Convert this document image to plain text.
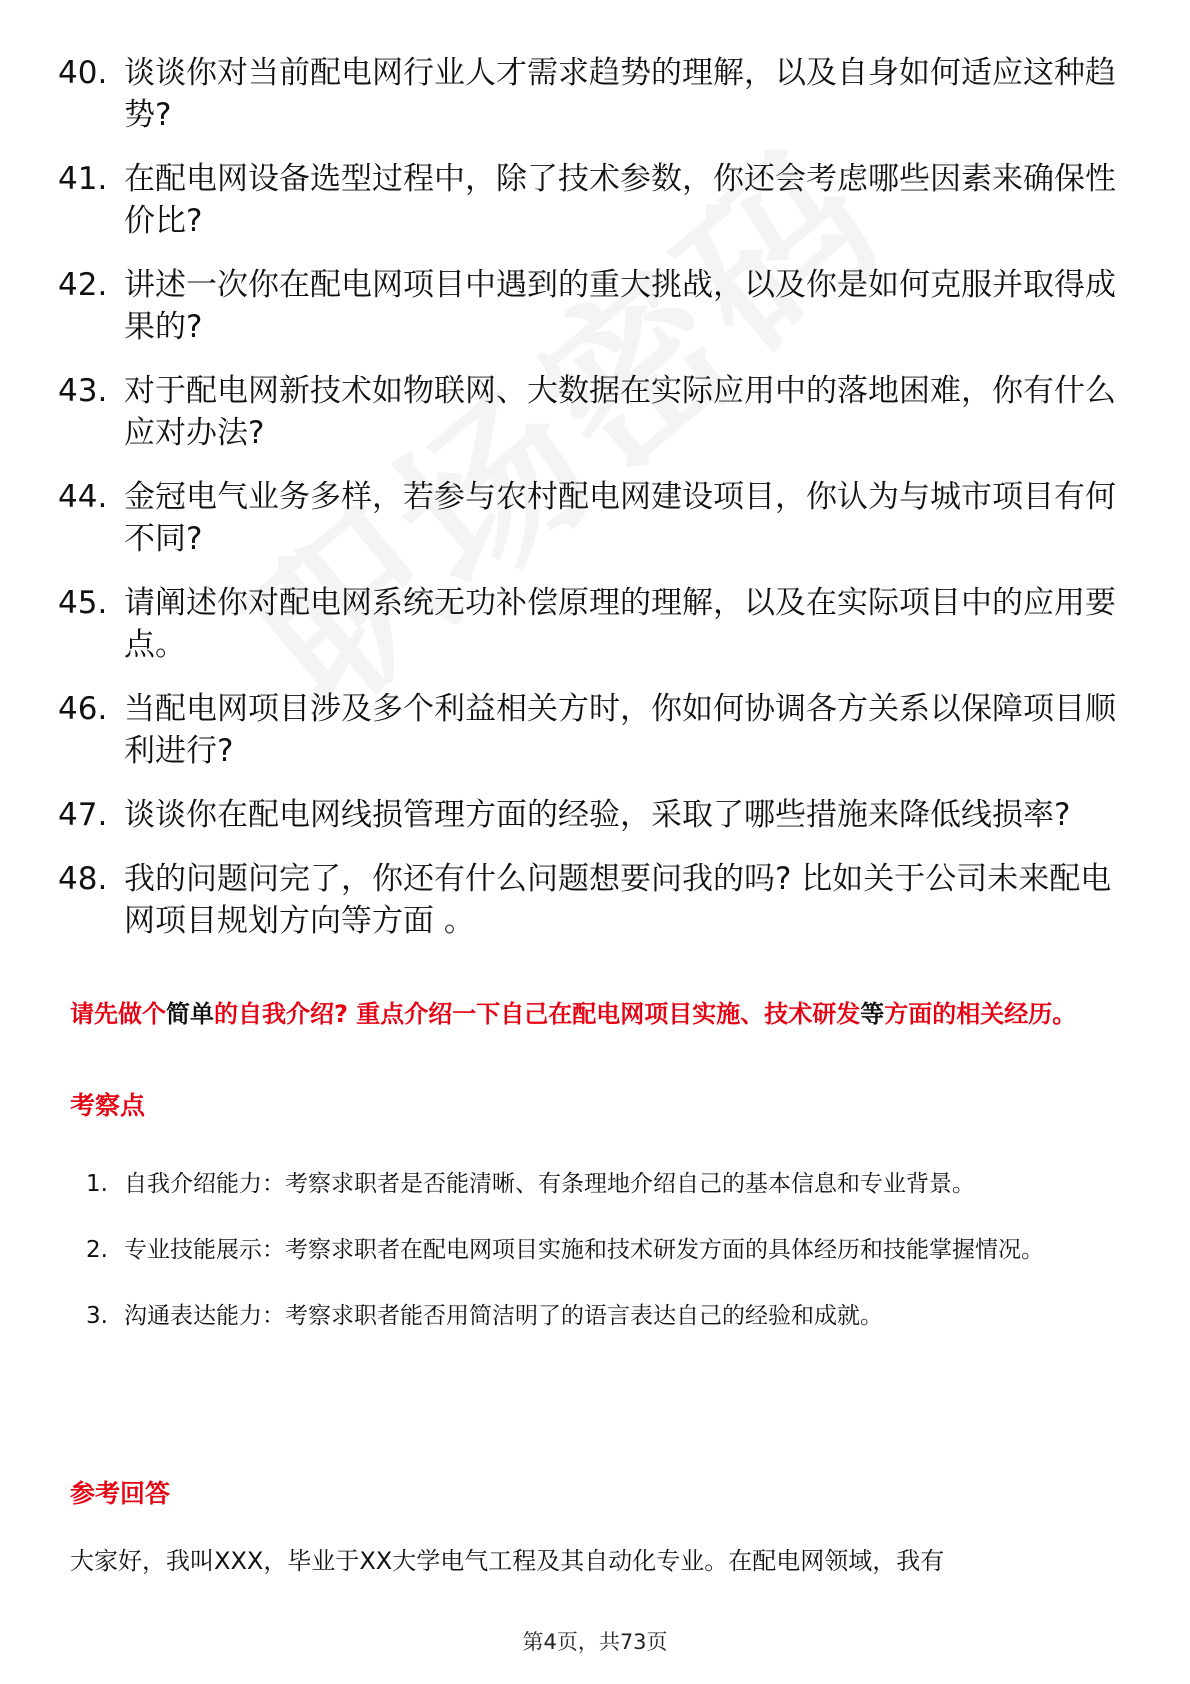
40. 谈谈你对当前配电网行业人才需求趋势的理解，以及自身如何适应这种趋势?
41. 在配电网设备选型过程中，除了技术参数，你还会考虑哪些因素来确保性价比?
42. 讲述一次你在配电网项目中遇到的重大挑战，以及你是如何克服并取得成果的?
43. 对于配电网新技术如物联网、大数据在实际应用中的落地困难，你有什么应对办法?
44. 金冠电气业务多样，若参与农村配电网建设项目，你认为与城市项目有何不同?
45. 请阐述你对配电网系统无功补偿原理的理解，以及在实际项目中的应用要点。
46. 当配电网项目涉及多个利益相关方时，你如何协调各方关系以保障项目顺利进行?
47. 谈谈你在配电网线损管理方面的经验，采取了哪些措施来降低线损率?
48. 我的问题问完了，你还有什么问题想要问我的吗? 比如关于公司未来配电网项目规划方向等方面 。
请先做个简单的自我介绍? 重点介绍一下自己在配电网项目实施、技术研发等方面的相关经历。
考察点
1. 自我介绍能力：考察求职者是否能清晰、有条理地介绍自己的基本信息和专业背景。
2. 专业技能展示：考察求职者在配电网项目实施和技术研发方面的具体经历和技能掌握情况。
3. 沟通表达能力：考察求职者能否用简洁明了的语言表达自己的经验和成就。
参考回答
大家好，我叫XXX，毕业于XX大学电气工程及其自动化专业。在配电网领域，我有
第4页，共73页
